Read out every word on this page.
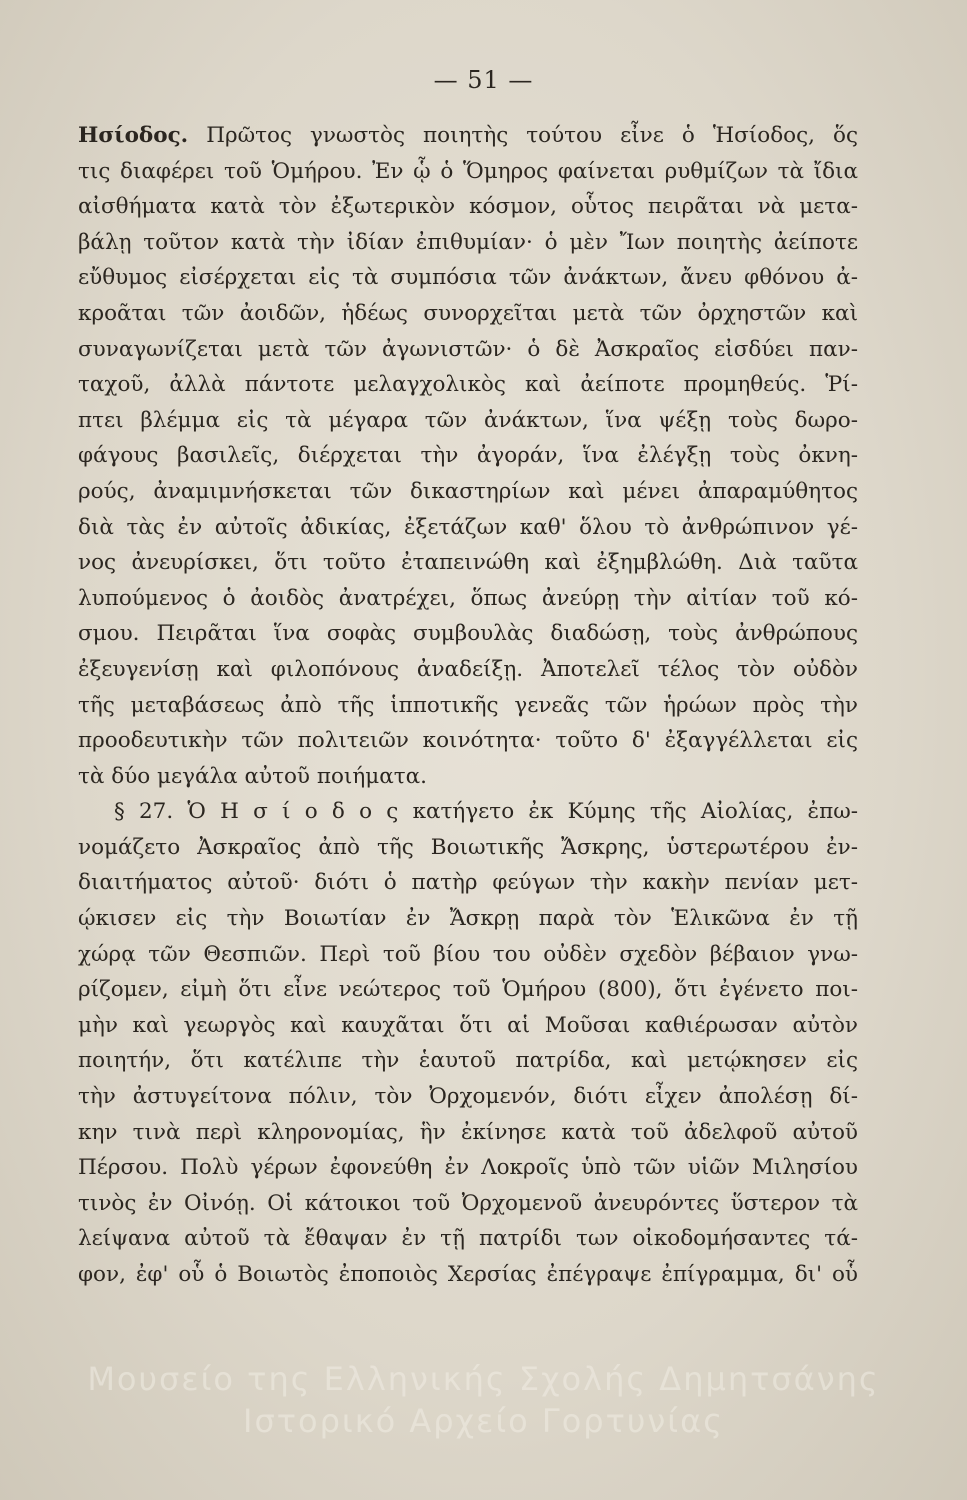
— 51 —
Ησίοδος. Πρῶτος γνωστὸς ποιητὴς τούτου εἶνε ὁ Ἡσίοδος, ὅς
τις διαφέρει τοῦ Ὁμήρου. Ἐν ᾧ ὁ Ὅμηρος φαίνεται ρυθμίζων τὰ ἴδια
αἰσθήματα κατὰ τὸν ἐξωτερικὸν κόσμον, οὗτος πειρᾶται νὰ μετα-
βάλῃ τοῦτον κατὰ τὴν ἰδίαν ἐπιθυμίαν· ὁ μὲν Ἴων ποιητὴς ἀείποτε
εὔθυμος εἰσέρχεται εἰς τὰ συμπόσια τῶν ἀνάκτων, ἄνευ φθόνου ἀ-
κροᾶται τῶν ἀοιδῶν, ἡδέως συνορχεῖται μετὰ τῶν ὀρχηστῶν καὶ
συναγωνίζεται μετὰ τῶν ἀγωνιστῶν· ὁ δὲ Ἀσκραῖος εἰσδύει παν-
ταχοῦ, ἀλλὰ πάντοτε μελαγχολικὸς καὶ ἀείποτε προμηθεύς. Ῥί-
πτει βλέμμα εἰς τὰ μέγαρα τῶν ἀνάκτων, ἵνα ψέξῃ τοὺς δωρο-
φάγους βασιλεῖς, διέρχεται τὴν ἀγοράν, ἵνα ἐλέγξῃ τοὺς ὀκνη-
ρούς, ἀναμιμνήσκεται τῶν δικαστηρίων καὶ μένει ἀπαραμύθητος
διὰ τὰς ἐν αὐτοῖς ἀδικίας, ἐξετάζων καθ' ὅλου τὸ ἀνθρώπινον γέ-
νος ἀνευρίσκει, ὅτι τοῦτο ἐταπεινώθη καὶ ἐξημβλώθη. Διὰ ταῦτα
λυπούμενος ὁ ἀοιδὸς ἀνατρέχει, ὅπως ἀνεύρῃ τὴν αἰτίαν τοῦ κό-
σμου. Πειρᾶται ἵνα σοφὰς συμβουλὰς διαδώσῃ, τοὺς ἀνθρώπους
ἐξευγενίσῃ καὶ φιλοπόνους ἀναδείξῃ. Ἀποτελεῖ τέλος τὸν οὐδὸν
τῆς μεταβάσεως ἀπὸ τῆς ἱπποτικῆς γενεᾶς τῶν ἡρώων πρὸς τὴν
προοδευτικὴν τῶν πολιτειῶν κοινότητα· τοῦτο δ' ἐξαγγέλλεται εἰς
τὰ δύο μεγάλα αὐτοῦ ποιήματα.
§ 27. Ὁ Η σ ί ο δ ο ς κατήγετο ἐκ Κύμης τῆς Αἰολίας, ἐπω-
νομάζετο Ἀσκραῖος ἀπὸ τῆς Βοιωτικῆς Ἄσκρης, ὑστερωτέρου ἐν-
διαιτήματος αὐτοῦ· διότι ὁ πατὴρ φεύγων τὴν κακὴν πενίαν μετ-
ῴκισεν εἰς τὴν Βοιωτίαν ἐν Ἄσκρῃ παρὰ τὸν Ἑλικῶνα ἐν τῇ
χώρᾳ τῶν Θεσπιῶν. Περὶ τοῦ βίου του οὐδὲν σχεδὸν βέβαιον γνω-
ρίζομεν, εἰμὴ ὅτι εἶνε νεώτερος τοῦ Ὁμήρου (800), ὅτι ἐγένετο ποι-
μὴν καὶ γεωργὸς καὶ καυχᾶται ὅτι αἱ Μοῦσαι καθιέρωσαν αὐτὸν
ποιητήν, ὅτι κατέλιπε τὴν ἑαυτοῦ πατρίδα, καὶ μετῴκησεν εἰς
τὴν ἀστυγείτονα πόλιν, τὸν Ὀρχομενόν, διότι εἶχεν ἀπολέσῃ δί-
κην τινὰ περὶ κληρονομίας, ἣν ἐκίνησε κατὰ τοῦ ἀδελφοῦ αὐτοῦ
Πέρσου. Πολὺ γέρων ἐφονεύθη ἐν Λοκροῖς ὑπὸ τῶν υἱῶν Μιλησίου
τινὸς ἐν Οἰνόῃ. Οἱ κάτοικοι τοῦ Ὀρχομενοῦ ἀνευρόντες ὕστερον τὰ
λείψανα αὐτοῦ τὰ ἔθαψαν ἐν τῇ πατρίδι των οἰκοδομήσαντες τά-
φον, ἐφ' οὗ ὁ Βοιωτὸς ἐποποιὸς Χερσίας ἐπέγραψε ἐπίγραμμα, δι' οὗ
Μουσείο της Ελληνικής Σχολής Δημητσάνης
Ιστορικό Αρχείο Γορτυνίας
